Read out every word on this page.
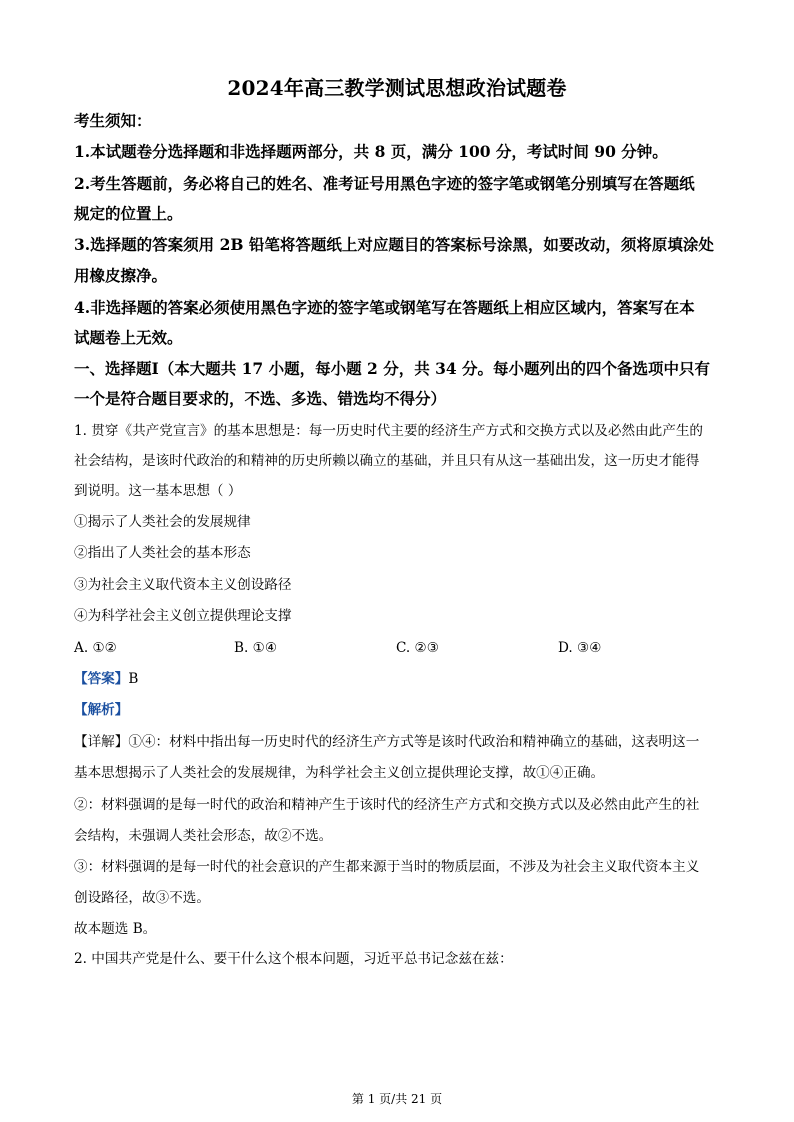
2024年高三教学测试思想政治试题卷
考生须知：
1.本试题卷分选择题和非选择题两部分，共 8 页，满分 100 分，考试时间 90 分钟。
2.考生答题前，务必将自己的姓名、准考证号用黑色字迹的签字笔或钢笔分别填写在答题纸
规定的位置上。
3.选择题的答案须用 2B 铅笔将答题纸上对应题目的答案标号涂黑，如要改动，须将原填涂处
用橡皮擦净。
4.非选择题的答案必须使用黑色字迹的签字笔或钢笔写在答题纸上相应区域内，答案写在本
试题卷上无效。
一、选择题Ⅰ（本大题共 17 小题，每小题 2 分，共 34 分。每小题列出的四个备选项中只有
一个是符合题目要求的，不选、多选、错选均不得分）
1. 贯穿《共产党宣言》的基本思想是：每一历史时代主要的经济生产方式和交换方式以及必然由此产生的
社会结构，是该时代政治的和精神的历史所赖以确立的基础，并且只有从这一基础出发，这一历史才能得
到说明。这一基本思想（ ）
①揭示了人类社会的发展规律
②指出了人类社会的基本形态
③为社会主义取代资本主义创设路径
④为科学社会主义创立提供理论支撑
A. ①②	B. ①④	C. ②③	D. ③④
【答案】B
【解析】
【详解】①④：材料中指出每一历史时代的经济生产方式等是该时代政治和精神确立的基础，这表明这一
基本思想揭示了人类社会的发展规律，为科学社会主义创立提供理论支撑，故①④正确。
②：材料强调的是每一时代的政治和精神产生于该时代的经济生产方式和交换方式以及必然由此产生的社
会结构，未强调人类社会形态，故②不选。
③：材料强调的是每一时代的社会意识的产生都来源于当时的物质层面，不涉及为社会主义取代资本主义
创设路径，故③不选。
故本题选 B。
2. 中国共产党是什么、要干什么这个根本问题，习近平总书记念兹在兹：
第 1 页/共 21 页
